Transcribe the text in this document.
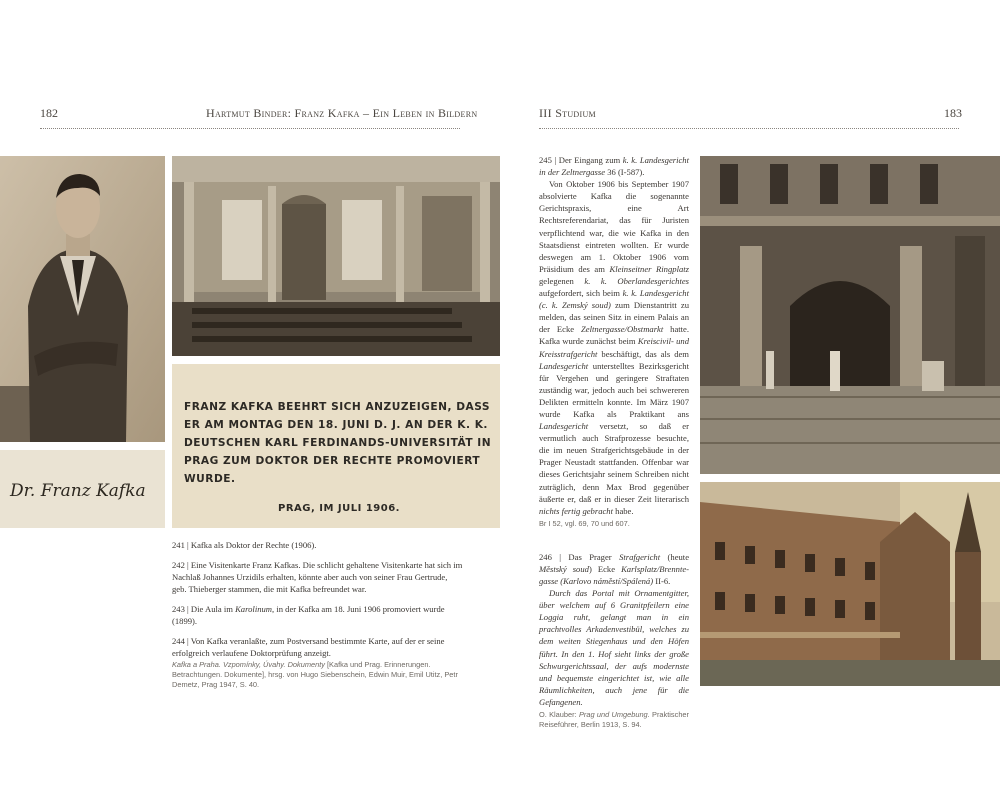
182	Hartmut Binder: Franz Kafka – Ein Leben in Bildern
Dr. Franz Kafka
FRANZ KAFKA BEEHRT SICH ANZUZEIGEN, DASS
ER AM MONTAG DEN 18. JUNI D. J. AN DER K. K.
DEUTSCHEN KARL FERDINANDS-UNIVERSITÄT IN
PRAG ZUM DOKTOR DER RECHTE PROMOVIERT WURDE.
PRAG, IM JULI 1906.

241 | Kafka als Doktor der Rechte (1906).

242 | Eine Visitenkarte Franz Kafkas. Die schlicht gehaltene Visitenkarte hat sich im Nachlaß Johannes Urzidils erhalten, könnte aber auch von seiner Frau Gertrude, geb. Thieberger stammen, die mit Kafka befreundet war.

243 | Die Aula im Karolinum, in der Kafka am 18. Juni 1906 promoviert wurde (1899).

244 | Von Kafka veranlaßte, zum Postversand bestimmte Karte, auf der er seine erfolgreich verlaufene Doktorprüfung anzeigt.

Kafka a Praha. Vzpomínky, Úvahy. Dokumenty [Kafka und Prag. Erinnerungen. Betrachtungen. Dokumente], hrsg. von Hugo Siebenschein, Edwin Muir, Emil Utitz, Petr Demetz, Prag 1947, S. 40.

III Studium	183

245 | Der Eingang zum k. k. Landesgericht in der Zeltnergasse 36 (I-587).

Von Oktober 1906 bis September 1907 absolvierte Kafka die sogenannte Gerichtspraxis, eine Art Rechtsreferendariat, das für Juristen verpflichtend war, die wie Kafka in den Staatsdienst eintreten wollten. Er wurde deswegen am 1. Oktober 1906 vom Präsidium des am Kleinseitner Ringplatz gelegenen k. k. Oberlandesgerichtes aufgefordert, sich beim k. k. Landesgericht (c. k. Zemský soud) zum Dienstantritt zu melden, das seinen Sitz in einem Palais an der Ecke Zeltnergasse/Obstmarkt hatte. Kafka wurde zunächst beim Kreiscivil- und Kreisstrafgericht beschäftigt, das als dem Landesgericht unterstelltes Bezirksgericht für Vergehen und geringere Straftaten zuständig war, jedoch auch bei schwereren Delikten ermitteln konnte. Im März 1907 wurde Kafka als Praktikant ans Landesgericht versetzt, so daß er vermutlich auch Strafprozesse besuchte, die im neuen Strafgerichtsgebäude in der Prager Neustadt stattfanden. Offenbar war dieses Gerichtsjahr seinem Schreiben nicht zuträglich, denn Max Brod gegenüber äußerte er, daß er in dieser Zeit literarisch nichts fertig gebracht habe.

Br I 52, vgl. 69, 70 und 607.

246 | Das Prager Strafgericht (heute Městský soud) Ecke Karlsplatz/Brennte-gasse (Karlovo náměstí/Spálená) II-6.

Durch das Portal mit Ornamentgitter, über welchem auf 6 Granitpfeilern eine Loggia ruht, gelangt man in ein prachtvolles Arkadenvestibül, welches zu dem weiten Stiegenhaus und den Höfen führt. In den 1. Hof sieht links der große Schwurgerichtssaal, der aufs modernste und bequemste eingerichtet ist, wie alle Räumlichkeiten, auch jene für die Gefangenen.

O. Klauber: Prag und Umgebung. Praktischer Reiseführer, Berlin 1913, S. 94.
